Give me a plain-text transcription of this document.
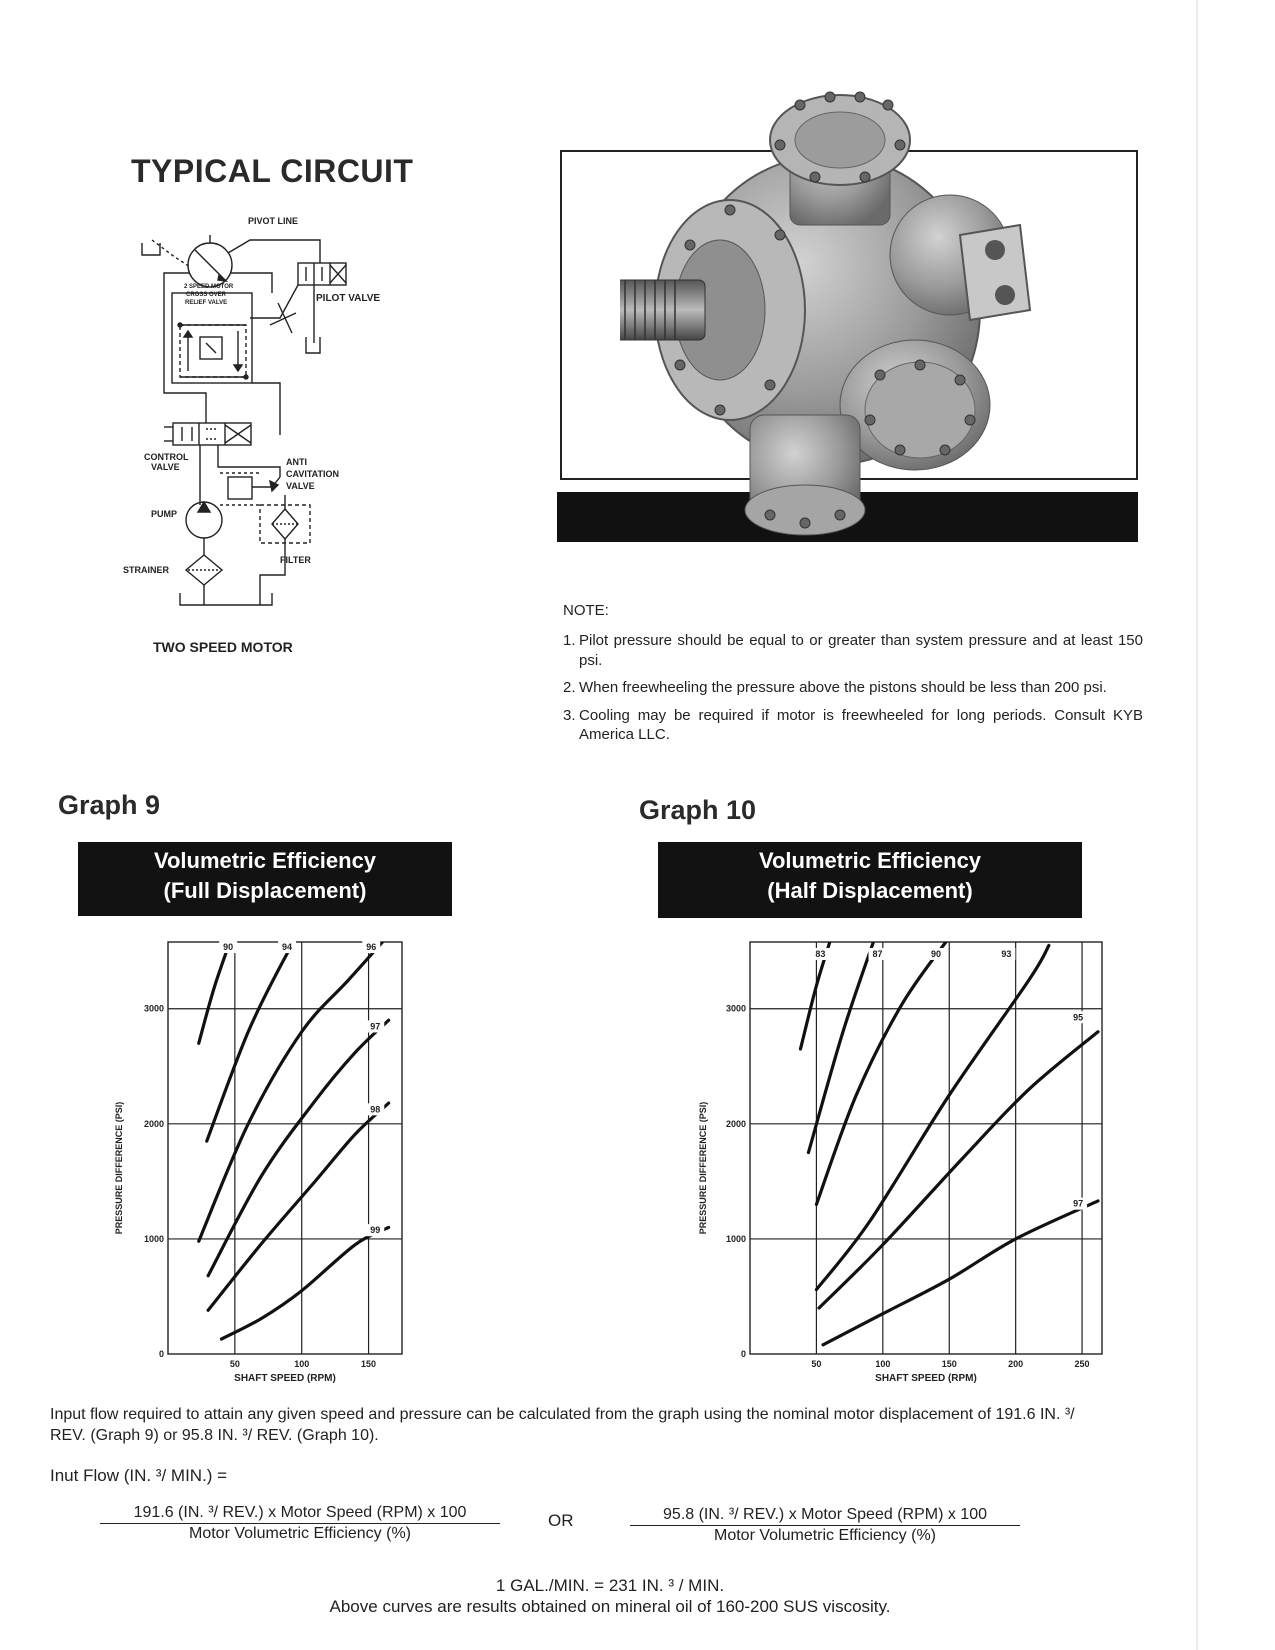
TYPICAL CIRCUIT
PIVOT LINE
2 SPEED MOTOR
CROSS OVER
RELIEF VALVE	PILOT VALVE
CONTROL
VALVE	ANTI
CAVITATION
VALVE
PUMP
FILTER
STRAINER
TWO SPEED MOTOR
NOTE:
1. Pilot pressure should be equal to or greater than system pressure and at least 150 psi.
2. When freewheeling the pressure above the pistons should be less than 200 psi.
3. Cooling may be required if motor is freewheeled for long periods. Consult KYB America LLC.
Graph 9
Volumetric Efficiency
(Full Displacement)
Graph 10
Volumetric Efficiency
(Half Displacement)
0
1000
2000
3000
50	100	150
SHAFT SPEED (RPM)
PRESSURE DIFFERENCE (PSI)
90	94	96
97
98
99
0
1000
2000
3000
50	100	150	200	250
SHAFT SPEED (RPM)
PRESSURE DIFFERENCE (PSI)
83	87	90	93
95
97
Input flow required to attain any given speed and pressure can be calculated from the graph using the nominal motor displacement of 191.6 IN. ³/ REV. (Graph 9) or 95.8 IN. ³/ REV. (Graph 10).
Inut Flow (IN. ³/ MIN.) =
191.6 (IN. ³/ REV.) x Motor Speed (RPM) x 100
Motor Volumetric Efficiency (%)
OR	95.8 (IN. ³/ REV.) x Motor Speed (RPM) x 100
Motor Volumetric Efficiency (%)
1 GAL./MIN. = 231 IN. ³ / MIN.
Above curves are results obtained on mineral oil of 160-200 SUS viscosity.
